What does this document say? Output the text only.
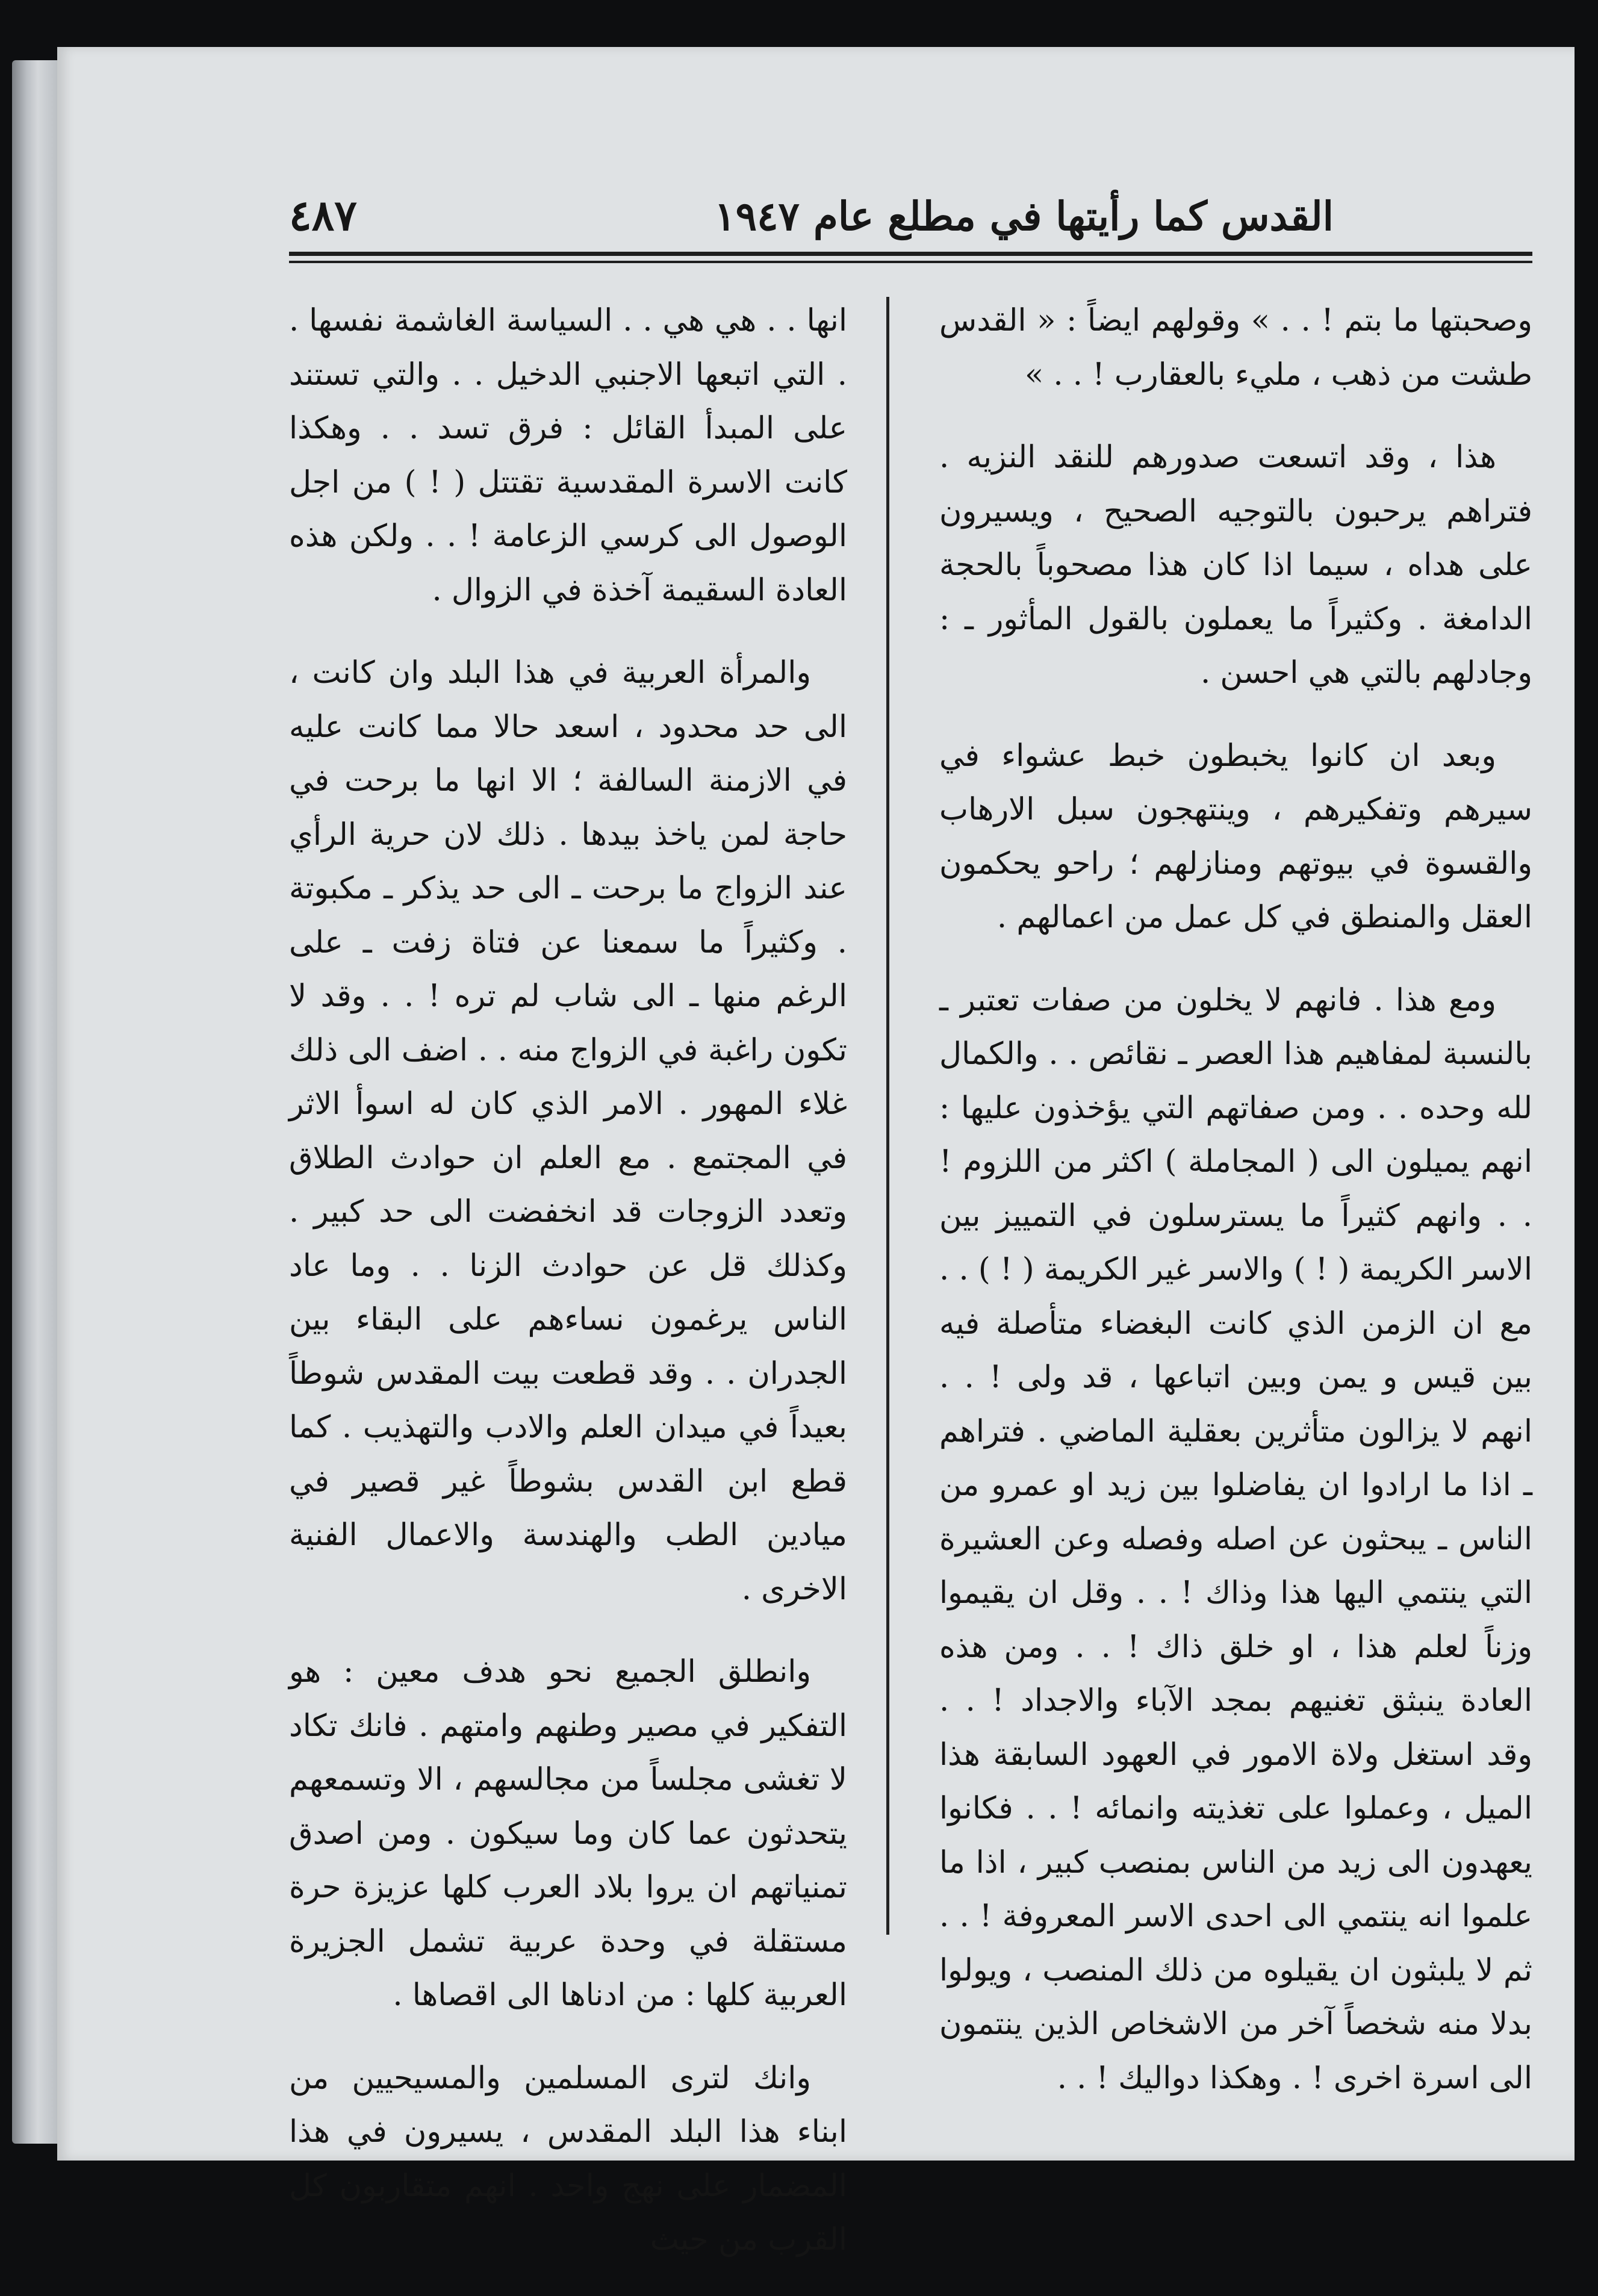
القدس كما رأيتها في مطلع عام ١٩٤٧
٤٨٧

وصحبتها ما بتم ! . . » وقولهم ايضاً : « القدس طشت من ذهب ، مليء بالعقارب ! . . »

هذا ، وقد اتسعت صدورهم للنقد النزيه . فتراهم يرحبون بالتوجيه الصحيح ، ويسيرون على هداه ، سيما اذا كان هذا مصحوباً بالحجة الدامغة . وكثيراً ما يعملون بالقول المأثور ـ : وجادلهم بالتي هي احسن .

وبعد ان كانوا يخبطون خبط عشواء في سيرهم وتفكيرهم ، وينتهجون سبل الارهاب والقسوة في بيوتهم ومنازلهم ؛ راحو يحكمون العقل والمنطق في كل عمل من اعمالهم .

ومع هذا . فانهم لا يخلون من صفات تعتبر ـ بالنسبة لمفاهيم هذا العصر ـ نقائص . . والكمال لله وحده . . ومن صفاتهم التي يؤخذون عليها : انهم يميلون الى ( المجاملة ) اكثر من اللزوم ! . . وانهم كثيراً ما يسترسلون في التمييز بين الاسر الكريمة ( ! ) والاسر غير الكريمة ( ! ) . . مع ان الزمن الذي كانت البغضاء متأصلة فيه بين قيس و يمن وبين اتباعها ، قد ولى ! . . انهم لا يزالون متأثرين بعقلية الماضي . فتراهم ـ اذا ما ارادوا ان يفاضلوا بين زيد او عمرو من الناس ـ يبحثون عن اصله وفصله وعن العشيرة التي ينتمي اليها هذا وذاك ! . . وقل ان يقيموا وزناً لعلم هذا ، او خلق ذاك ! . . ومن هذه العادة ينبثق تغنيهم بمجد الآباء والاجداد ! . . وقد استغل ولاة الامور في العهود السابقة هذا الميل ، وعملوا على تغذيته وانمائه ! . . فكانوا يعهدون الى زيد من الناس بمنصب كبير ، اذا ما علموا انه ينتمي الى احدى الاسر المعروفة ! . . ثم لا يلبثون ان يقيلوه من ذلك المنصب ، ويولوا بدلا منه شخصاً آخر من الاشخاص الذين ينتمون الى اسرة اخرى ! . وهكذا دواليك ! . .

انها . . هي هي . . السياسة الغاشمة نفسها . . التي اتبعها الاجنبي الدخيل . . والتي تستند على المبدأ القائل : فرق تسد . . وهكذا كانت الاسرة المقدسية تقتتل ( ! ) من اجل الوصول الى كرسي الزعامة ! . . ولكن هذه العادة السقيمة آخذة في الزوال .

والمرأة العربية في هذا البلد وان كانت ، الى حد محدود ، اسعد حالا مما كانت عليه في الازمنة السالفة ؛ الا انها ما برحت في حاجة لمن ياخذ بيدها . ذلك لان حرية الرأي عند الزواج ما برحت ـ الى حد يذكر ـ مكبوتة . وكثيراً ما سمعنا عن فتاة زفت ـ على الرغم منها ـ الى شاب لم تره ! . . وقد لا تكون راغبة في الزواج منه . . اضف الى ذلك غلاء المهور . الامر الذي كان له اسوأ الاثر في المجتمع . مع العلم ان حوادث الطلاق وتعدد الزوجات قد انخفضت الى حد كبير . وكذلك قل عن حوادث الزنا . . وما عاد الناس يرغمون نساءهم على البقاء بين الجدران . . وقد قطعت بيت المقدس شوطاً بعيداً في ميدان العلم والادب والتهذيب . كما قطع ابن القدس بشوطاً غير قصير في ميادين الطب والهندسة والاعمال الفنية الاخرى .

وانطلق الجميع نحو هدف معين : هو التفكير في مصير وطنهم وامتهم . فانك تكاد لا تغشى مجلساً من مجالسهم ، الا وتسمعهم يتحدثون عما كان وما سيكون . ومن اصدق تمنياتهم ان يروا بلاد العرب كلها عزيزة حرة مستقلة في وحدة عربية تشمل الجزيرة العربية كلها : من ادناها الى اقصاها .

وانك لترى المسلمين والمسيحيين من ابناء هذا البلد المقدس ، يسيرون في هذا المضمار على نهج واحد . انهم متقاربون كل القرب من حيث
